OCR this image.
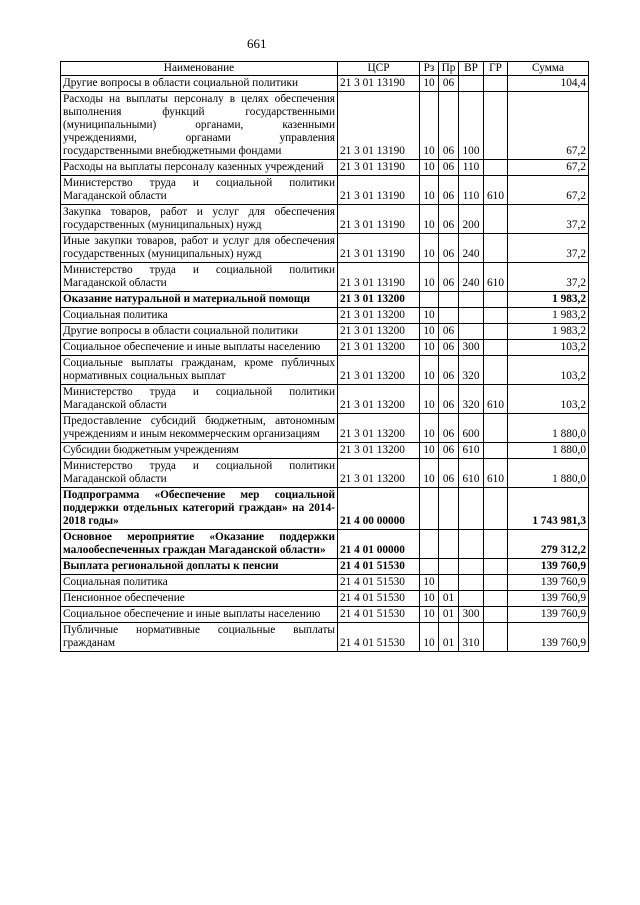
661
Наименование	ЦСР	Рз	Пр	ВР	ГР	Сумма
Другие вопросы в области социальной политики	21 3 01 13190	10	06			104,4
Расходы на выплаты персоналу в целях обеспечения выполнения функций государственными (муниципальными) органами, казенными учреждениями, органами управления государственными внебюджетными фондами	21 3 01 13190	10	06	100		67,2
Расходы на выплаты персоналу казенных учреждений	21 3 01 13190	10	06	110		67,2
Министерство труда и социальной политики Магаданской области	21 3 01 13190	10	06	110	610	67,2
Закупка товаров, работ и услуг для обеспечения государственных (муниципальных) нужд	21 3 01 13190	10	06	200		37,2
Иные закупки товаров, работ и услуг для обеспечения государственных (муниципальных) нужд	21 3 01 13190	10	06	240		37,2
Министерство труда и социальной политики Магаданской области	21 3 01 13190	10	06	240	610	37,2
Оказание натуральной и материальной помощи	21 3 01 13200					1 983,2
Социальная политика	21 3 01 13200	10				1 983,2
Другие вопросы в области социальной политики	21 3 01 13200	10	06			1 983,2
Социальное обеспечение и иные выплаты населению	21 3 01 13200	10	06	300		103,2
Социальные выплаты гражданам, кроме публичных нормативных социальных выплат	21 3 01 13200	10	06	320		103,2
Министерство труда и социальной политики Магаданской области	21 3 01 13200	10	06	320	610	103,2
Предоставление субсидий бюджетным, автономным учреждениям и иным некоммерческим организациям	21 3 01 13200	10	06	600		1 880,0
Субсидии бюджетным учреждениям	21 3 01 13200	10	06	610		1 880,0
Министерство труда и социальной политики Магаданской области	21 3 01 13200	10	06	610	610	1 880,0
Подпрограмма «Обеспечение мер социальной поддержки отдельных категорий граждан» на 2014-2018 годы»	21 4 00 00000					1 743 981,3
Основное мероприятие «Оказание поддержки малообеспеченных граждан Магаданской области»	21 4 01 00000					279 312,2
Выплата региональной доплаты к пенсии	21 4 01 51530					139 760,9
Социальная политика	21 4 01 51530	10				139 760,9
Пенсионное обеспечение	21 4 01 51530	10	01			139 760,9
Социальное обеспечение и иные выплаты населению	21 4 01 51530	10	01	300		139 760,9
Публичные нормативные социальные выплаты гражданам	21 4 01 51530	10	01	310		139 760,9
